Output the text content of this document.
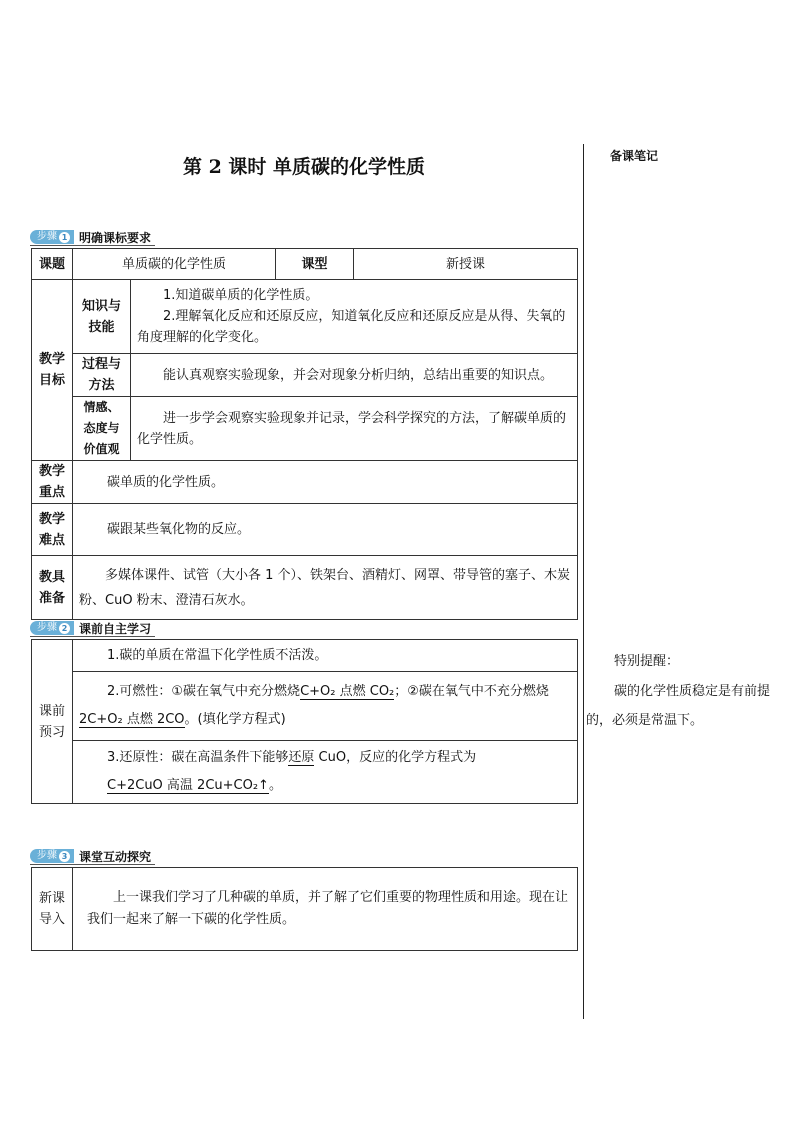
备课笔记
第 2 课时 单质碳的化学性质
步骤 1 明确课标要求
课题	单质碳的化学性质		课型	新授课
教学目标	知识与技能	1.知道碳单质的化学性质。
2.理解氧化反应和还原反应，知道氧化反应和还原反应是从得、失氧的角度理解的化学变化。		

	过程与方法	能认真观察实验现象，并会对现象分析归纳，总结出重要的知识点。		
	情感、态度与价值观	进一步学会观察实验现象并记录，学会科学探究的方法，了解碳单质的化学性质。		
教学重点	碳单质的化学性质。			
教学难点	碳跟某些氧化物的反应。			
教具准备	多媒体课件、试管（大小各 1 个）、铁架台、酒精灯、网罩、带导管的塞子、木炭粉、CuO 粉末、澄清石灰水。			
步骤 2 课前自主学习
课前预习	1.碳的单质在常温下化学性质不活泼。
2.可燃性：①碳在氧气中充分燃烧C+O₂ 点燃 CO₂；②碳在氧气中不充分燃烧
2C+O₂ 点燃 2CO。(填化学方程式)
3.还原性：碳在高温条件下能够还原 CuO，反应的化学方程式为
C+2CuO 高温 2Cu+CO₂↑。
步骤 3 课堂互动探究
新课导入	上一课我们学习了几种碳的单质，并了解了它们重要的物理性质和用途。现在让我们一起来了解一下碳的化学性质。
特别提醒：
碳的化学性质稳定是有前提的，必须是常温下。
